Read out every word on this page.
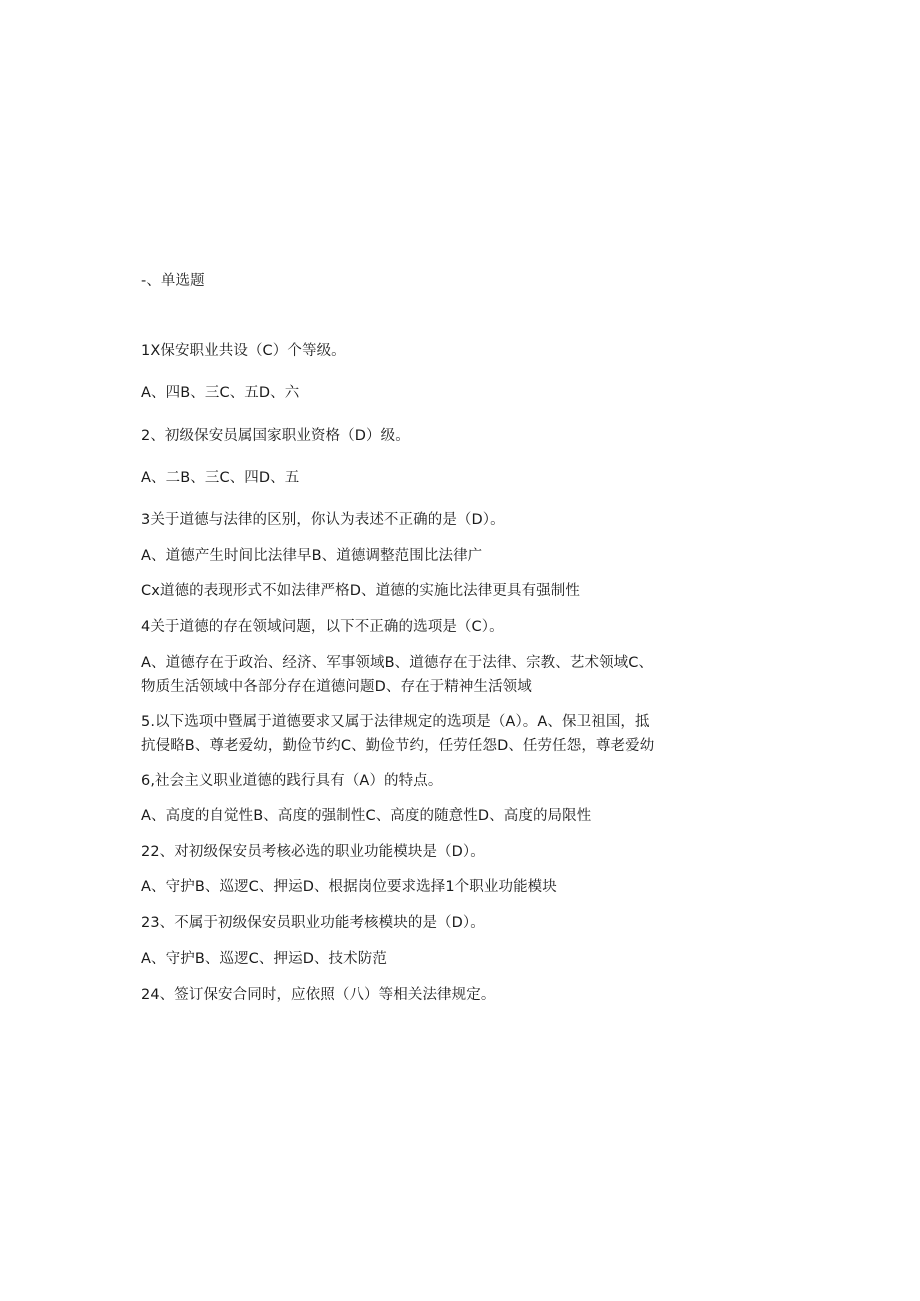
-、单选题
1X保安职业共设（C）个等级。
A、四B、三C、五D、六
2、初级保安员属国家职业资格（D）级。
A、二B、三C、四D、五
3关于道德与法律的区别，你认为表述不正确的是（D）。
A、道德产生时间比法律早B、道德调整范围比法律广
Cx道德的表现形式不如法律严格D、道德的实施比法律更具有强制性
4关于道德的存在领域问题，以下不正确的选项是（C）。
A、道德存在于政治、经济、军事领域B、道德存在于法律、宗教、艺术领域C、
物质生活领域中各部分存在道德问题D、存在于精神生活领域
5.以下选项中暨属于道德要求又属于法律规定的选项是（A）。A、保卫祖国，抵
抗侵略B、尊老爱幼，勤俭节约C、勤俭节约，任劳任怨D、任劳任怨，尊老爱幼
6,社会主义职业道德的践行具有（A）的特点。
A、高度的自觉性B、高度的强制性C、高度的随意性D、高度的局限性
22、对初级保安员考核必选的职业功能模块是（D）。
A、守护B、巡逻C、押运D、根据岗位要求选择1个职业功能模块
23、不属于初级保安员职业功能考核模块的是（D）。
A、守护B、巡逻C、押运D、技术防范
24、签订保安合同时，应依照（八）等相关法律规定。
